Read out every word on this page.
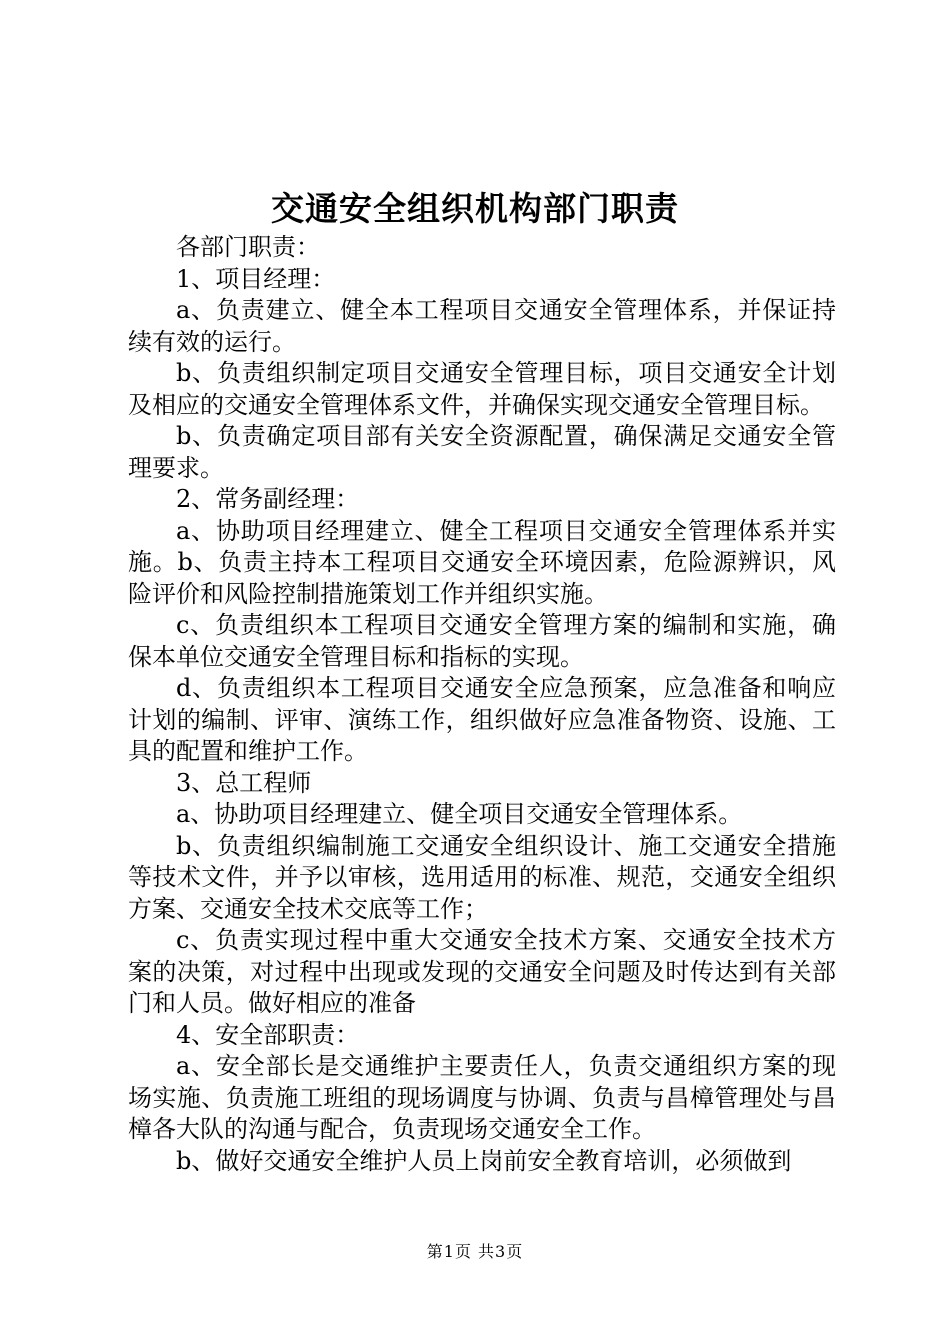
交通安全组织机构部门职责

各部门职责：

1、项目经理：

a、负责建立、健全本工程项目交通安全管理体系，并保证持续有效的运行。

b、负责组织制定项目交通安全管理目标，项目交通安全计划及相应的交通安全管理体系文件，并确保实现交通安全管理目标。

b、负责确定项目部有关安全资源配置，确保满足交通安全管理要求。

2、常务副经理：

a、协助项目经理建立、健全工程项目交通安全管理体系并实施。b、负责主持本工程项目交通安全环境因素，危险源辨识，风险评价和风险控制措施策划工作并组织实施。

c、负责组织本工程项目交通安全管理方案的编制和实施，确保本单位交通安全管理目标和指标的实现。

d、负责组织本工程项目交通安全应急预案，应急准备和响应计划的编制、评审、演练工作，组织做好应急准备物资、设施、工具的配置和维护工作。

3、总工程师

a、协助项目经理建立、健全项目交通安全管理体系。

b、负责组织编制施工交通安全组织设计、施工交通安全措施等技术文件，并予以审核，选用适用的标准、规范，交通安全组织方案、交通安全技术交底等工作；

c、负责实现过程中重大交通安全技术方案、交通安全技术方案的决策，对过程中出现或发现的交通安全问题及时传达到有关部门和人员。做好相应的准备

4、安全部职责：

a、安全部长是交通维护主要责任人，负责交通组织方案的现场实施、负责施工班组的现场调度与协调、负责与昌樟管理处与昌樟各大队的沟通与配合，负责现场交通安全工作。

b、做好交通安全维护人员上岗前安全教育培训，必须做到

第1页 共3页
